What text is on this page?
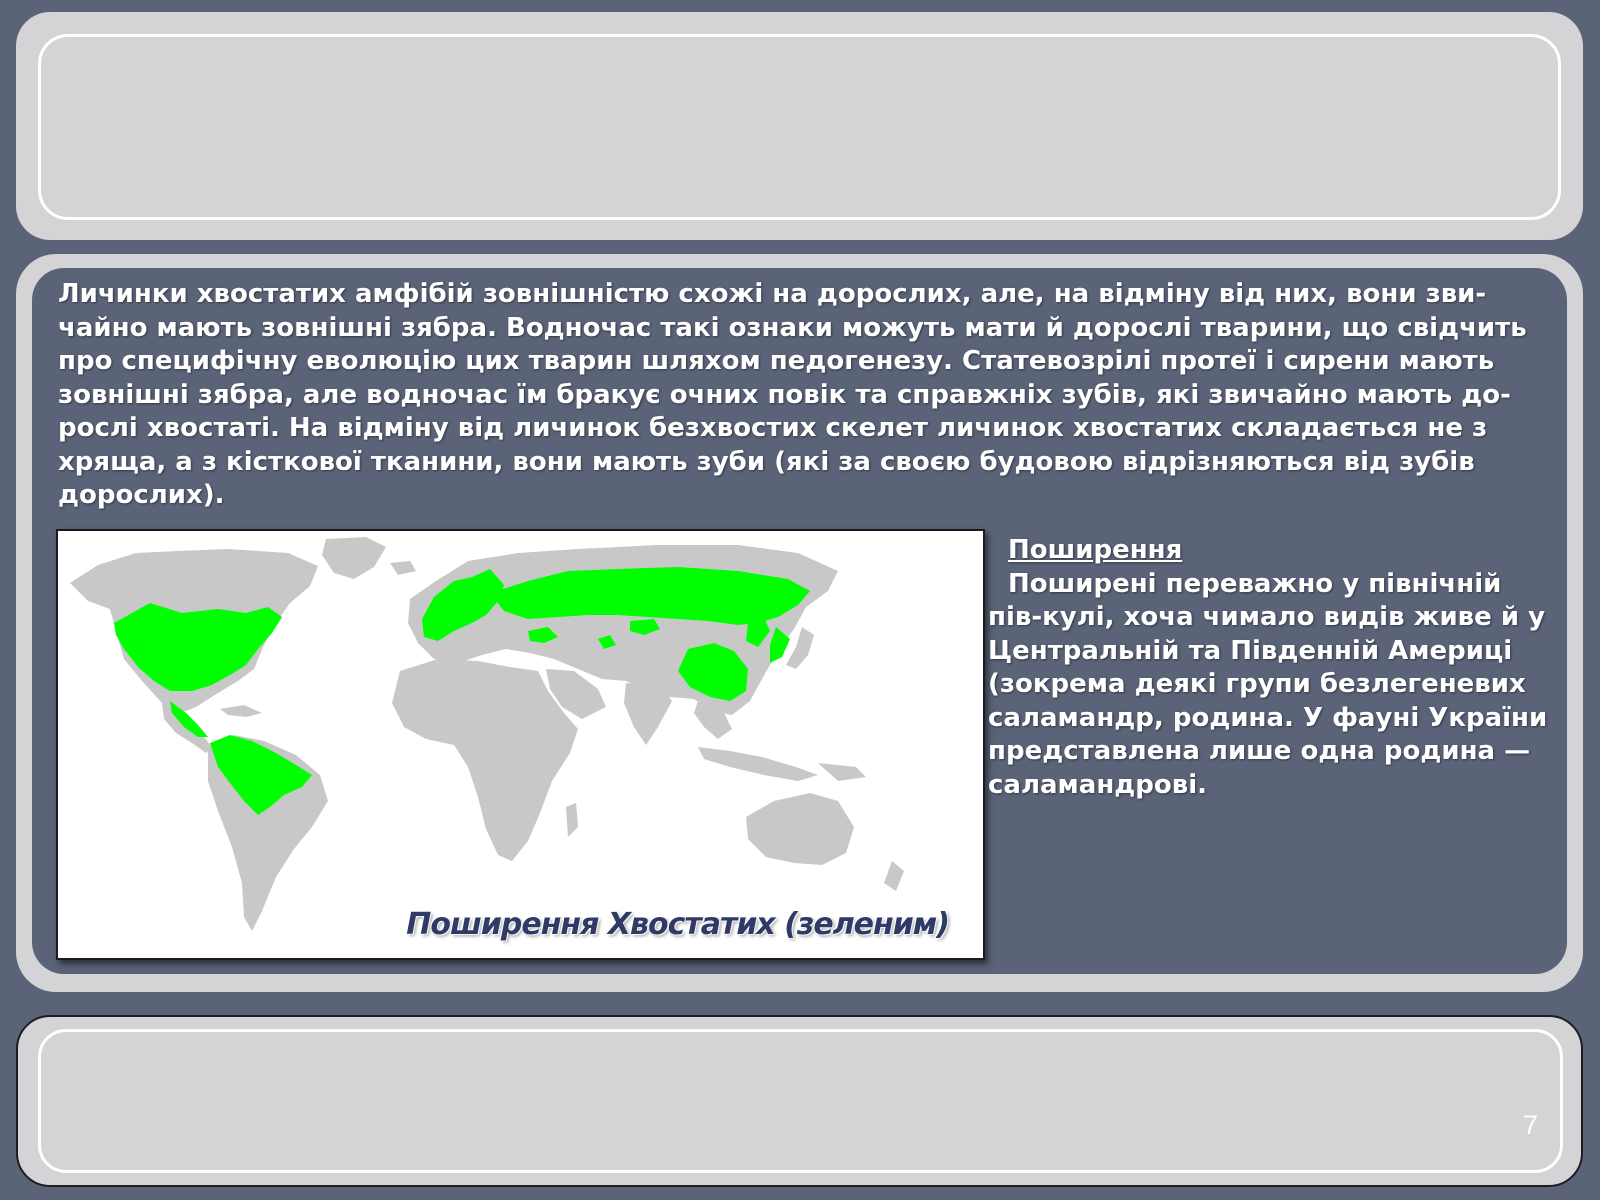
Личинки хвостатих амфібій зовнішністю схожі на дорослих, але, на відміну від них, вони зви-
чайно мають зовнішні зябра. Водночас такі ознаки можуть мати й дорослі тварини, що свідчить
про специфічну еволюцію цих тварин шляхом педогенезу. Статевозрілі протеї і сирени мають
зовнішні зябра, але водночас їм бракує очних повік та справжніх зубів, які звичайно мають до-
рослі хвостаті. На відміну від личинок безхвостих скелет личинок хвостатих складається не з
хряща, а з кісткової тканини, вони мають зуби (які за своєю будовою відрізняються від зубів
дорослих).

Поширення Хвостатих (зеленим)
Поширення
Поширені переважно у північній пів-кулі, хоча чимало видів живе й у Центральній та Південній Америці (зокрема деякі групи безлегеневих саламандр, родина. У фауні України представлена лише одна родина — саламандрові.
7
